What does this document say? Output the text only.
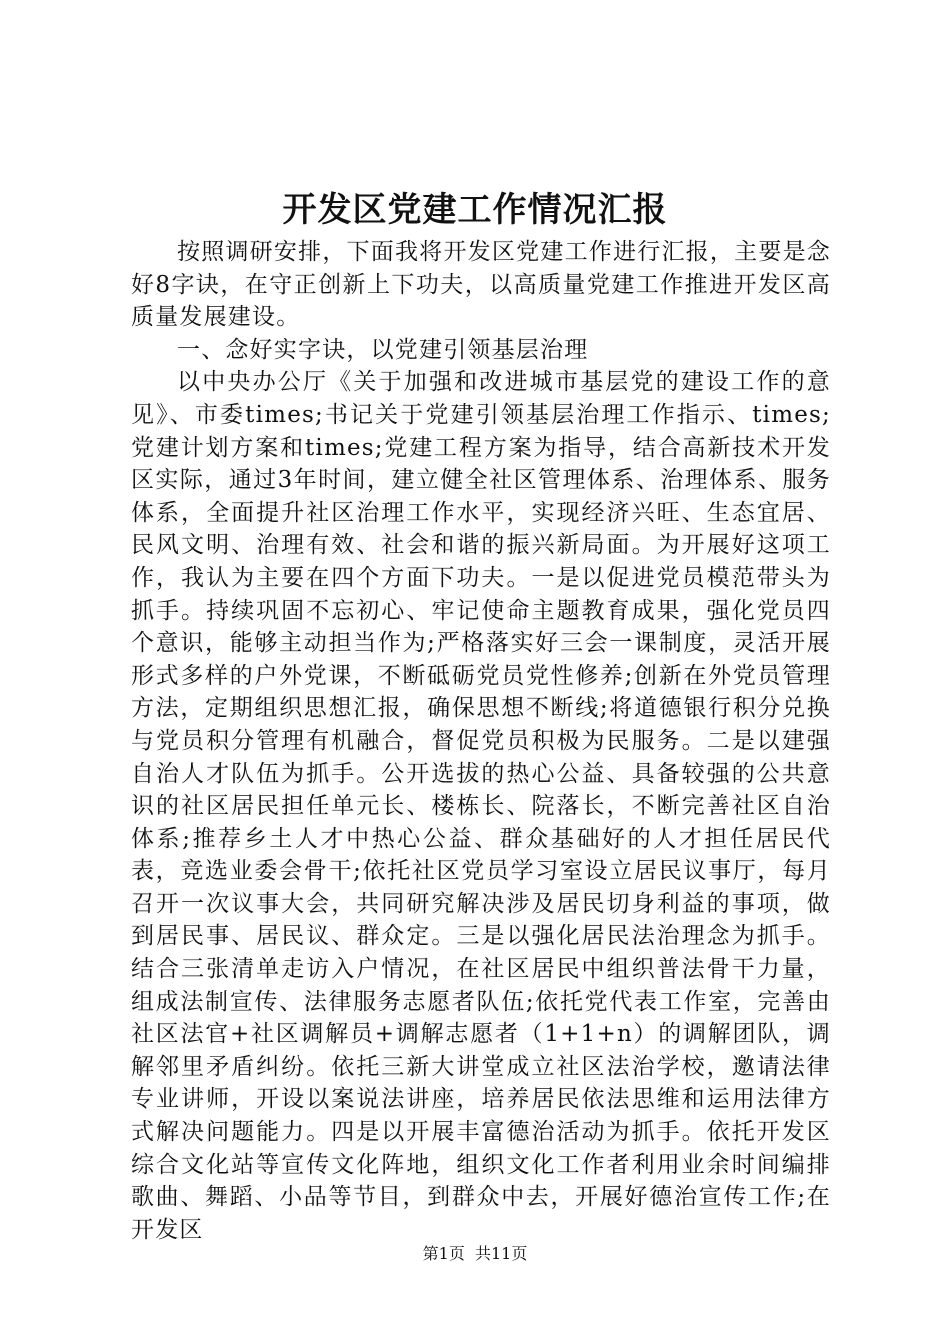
开发区党建工作情况汇报

按照调研安排，下面我将开发区党建工作进行汇报，主要是念好8字诀，在守正创新上下功夫，以高质量党建工作推进开发区高质量发展建设。

一、念好实字诀，以党建引领基层治理

以中央办公厅《关于加强和改进城市基层党的建设工作的意见》、市委times;书记关于党建引领基层治理工作指示、times;党建计划方案和times;党建工程方案为指导，结合高新技术开发区实际，通过3年时间，建立健全社区管理体系、治理体系、服务体系，全面提升社区治理工作水平，实现经济兴旺、生态宜居、民风文明、治理有效、社会和谐的振兴新局面。为开展好这项工作，我认为主要在四个方面下功夫。一是以促进党员模范带头为抓手。持续巩固不忘初心、牢记使命主题教育成果，强化党员四个意识，能够主动担当作为;严格落实好三会一课制度，灵活开展形式多样的户外党课，不断砥砺党员党性修养;创新在外党员管理方法，定期组织思想汇报，确保思想不断线;将道德银行积分兑换与党员积分管理有机融合，督促党员积极为民服务。二是以建强自治人才队伍为抓手。公开选拔的热心公益、具备较强的公共意识的社区居民担任单元长、楼栋长、院落长，不断完善社区自治体系;推荐乡土人才中热心公益、群众基础好的人才担任居民代表，竞选业委会骨干;依托社区党员学习室设立居民议事厅，每月召开一次议事大会，共同研究解决涉及居民切身利益的事项，做到居民事、居民议、群众定。三是以强化居民法治理念为抓手。结合三张清单走访入户情况，在社区居民中组织普法骨干力量，组成法制宣传、法律服务志愿者队伍;依托党代表工作室，完善由社区法官+社区调解员+调解志愿者（1+1+n）的调解团队，调解邻里矛盾纠纷。依托三新大讲堂成立社区法治学校，邀请法律专业讲师，开设以案说法讲座，培养居民依法思维和运用法律方式解决问题能力。四是以开展丰富德治活动为抓手。依托开发区综合文化站等宣传文化阵地，组织文化工作者利用业余时间编排歌曲、舞蹈、小品等节目，到群众中去，开展好德治宣传工作;在开发区

第1页  共11页
